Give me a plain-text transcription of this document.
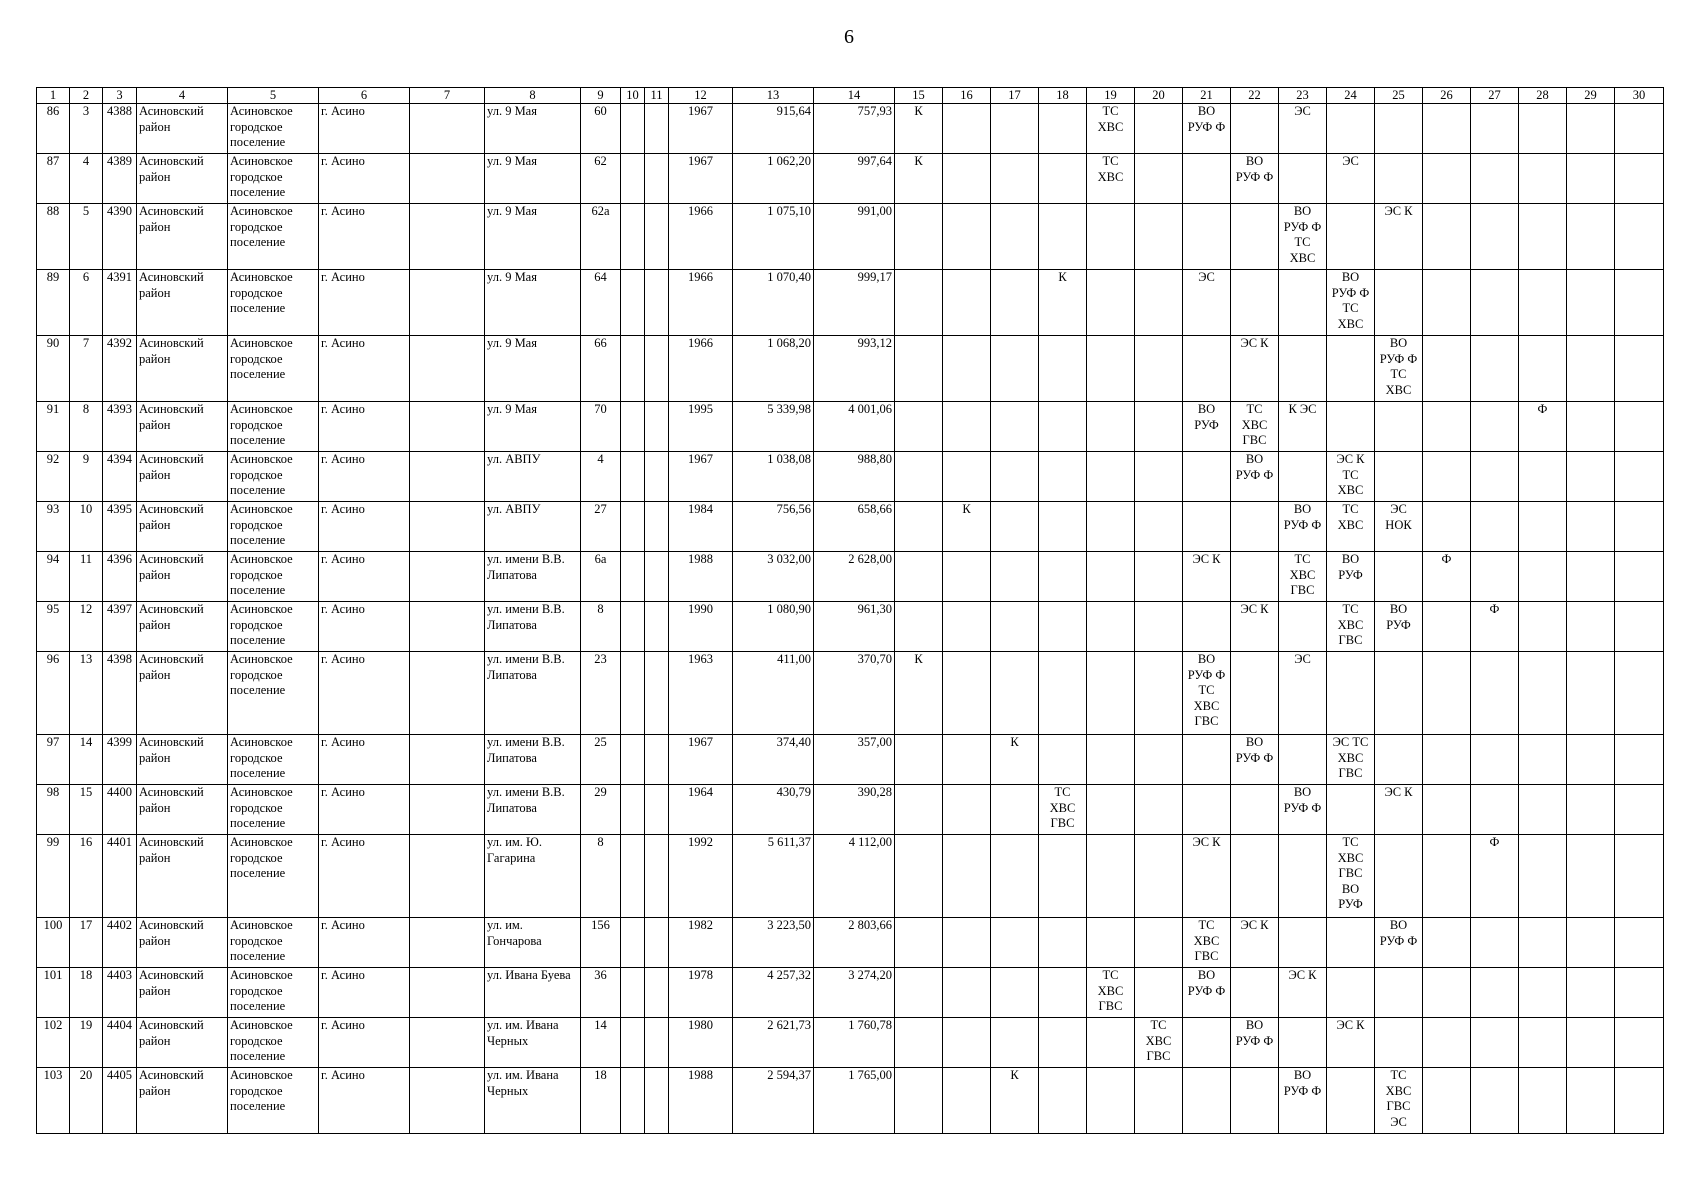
6
1	2	3	4	5	6	7	8	9	10	11	12	13	14	15	16	17	18	19	20	21	22	23	24	25	26	27	28	29	30
86	3	4388	Асиновский
район	Асиновское
городское
поселение	г. Асино		ул. 9 Мая	60			1967	915,64	757,93	К				ТС
ХВС		ВО
РУФ Ф		ЭС							

87	4	4389	Асиновский
район	Асиновское
городское
поселение	г. Асино		ул. 9 Мая	62			1967	1 062,20	997,64	К				ТС
ХВС			ВО
РУФ Ф		ЭС						

88	5	4390	Асиновский
район	Асиновское
городское
поселение	г. Асино		ул. 9 Мая	62а			1966	1 075,10	991,00									ВО
РУФ Ф
ТС
ХВС		ЭС К					

89	6	4391	Асиновский
район	Асиновское
городское
поселение	г. Асино		ул. 9 Мая	64			1966	1 070,40	999,17				К			ЭС			ВО
РУФ Ф
ТС
ХВС						

90	7	4392	Асиновский
район	Асиновское
городское
поселение	г. Асино		ул. 9 Мая	66			1966	1 068,20	993,12								ЭС К			ВО
РУФ Ф
ТС
ХВС					

91	8	4393	Асиновский
район	Асиновское
городское
поселение	г. Асино		ул. 9 Мая	70			1995	5 339,98	4 001,06							ВО
РУФ	ТС
ХВС
ГВС	К ЭС					Ф		

92	9	4394	Асиновский
район	Асиновское
городское
поселение	г. Асино		ул. АВПУ	4			1967	1 038,08	988,80								ВО
РУФ Ф		ЭС К
ТС
ХВС						

93	10	4395	Асиновский
район	Асиновское
городское
поселение	г. Асино		ул. АВПУ	27			1984	756,56	658,66		К							ВО
РУФ Ф	ТС
ХВС	ЭС
НОК					

94	11	4396	Асиновский
район	Асиновское
городское
поселение	г. Асино		ул. имени В.В.
Липатова	6а			1988	3 032,00	2 628,00							ЭС К		ТС
ХВС
ГВС	ВО
РУФ		Ф				

95	12	4397	Асиновский
район	Асиновское
городское
поселение	г. Асино		ул. имени В.В.
Липатова	8			1990	1 080,90	961,30								ЭС К		ТС
ХВС
ГВС	ВО
РУФ		Ф			

96	13	4398	Асиновский
район	Асиновское
городское
поселение	г. Асино		ул. имени В.В.
Липатова	23			1963	411,00	370,70	К						ВО
РУФ Ф
ТС
ХВС
ГВС		ЭС							

97	14	4399	Асиновский
район	Асиновское
городское
поселение	г. Асино		ул. имени В.В.
Липатова	25			1967	374,40	357,00			К					ВО
РУФ Ф		ЭС ТС
ХВС
ГВС						

98	15	4400	Асиновский
район	Асиновское
городское
поселение	г. Асино		ул. имени В.В.
Липатова	29			1964	430,79	390,28				ТС
ХВС
ГВС					ВО
РУФ Ф		ЭС К					

99	16	4401	Асиновский
район	Асиновское
городское
поселение	г. Асино		ул. им. Ю.
Гагарина	8			1992	5 611,37	4 112,00							ЭС К			ТС
ХВС
ГВС
ВО
РУФ			Ф			

100	17	4402	Асиновский
район	Асиновское
городское
поселение	г. Асино		ул. им.
Гончарова	156			1982	3 223,50	2 803,66							ТС
ХВС
ГВС	ЭС К			ВО
РУФ Ф					

101	18	4403	Асиновский
район	Асиновское
городское
поселение	г. Асино		ул. Ивана Буева	36			1978	4 257,32	3 274,20					ТС
ХВС
ГВС		ВО
РУФ Ф		ЭС К							

102	19	4404	Асиновский
район	Асиновское
городское
поселение	г. Асино		ул. им. Ивана
Черных	14			1980	2 621,73	1 760,78						ТС
ХВС
ГВС		ВО
РУФ Ф		ЭС К						

103	20	4405	Асиновский
район	Асиновское
городское
поселение	г. Асино		ул. им. Ивана
Черных	18			1988	2 594,37	1 765,00			К						ВО
РУФ Ф		ТС
ХВС
ГВС
ЭС					
